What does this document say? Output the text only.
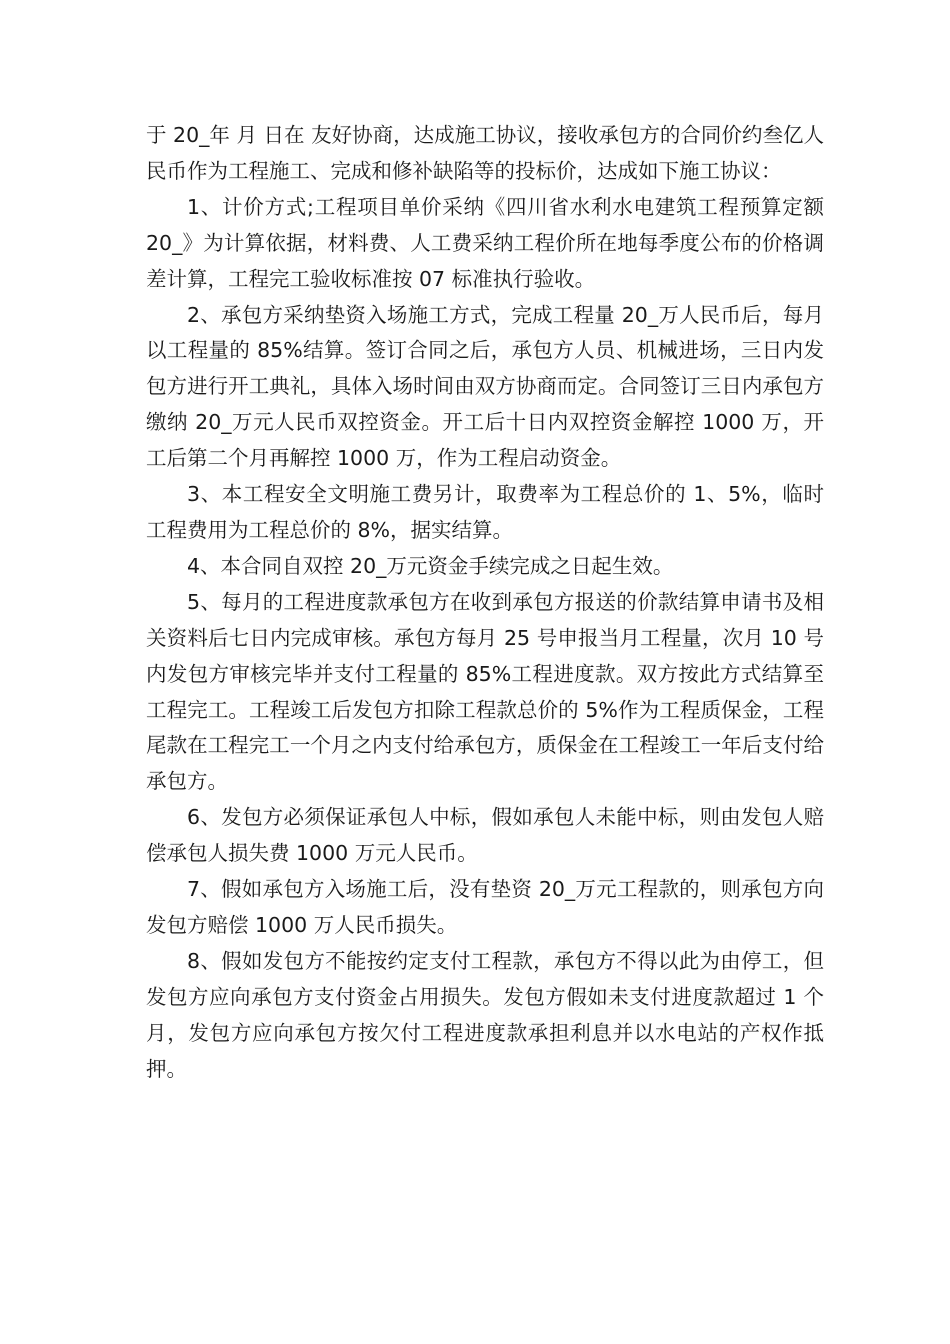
于 20_年 月 日在 友好协商，达成施工协议，接收承包方的合同价约叁亿人民币作为工程施工、完成和修补缺陷等的投标价，达成如下施工协议：

1、计价方式;工程项目单价采纳《四川省水利水电建筑工程预算定额 20_》为计算依据，材料费、人工费采纳工程价所在地每季度公布的价格调差计算，工程完工验收标准按 07 标准执行验收。

2、承包方采纳垫资入场施工方式，完成工程量 20_万人民币后，每月以工程量的 85%结算。签订合同之后，承包方人员、机械进场，三日内发包方进行开工典礼，具体入场时间由双方协商而定。合同签订三日内承包方缴纳 20_万元人民币双控资金。开工后十日内双控资金解控 1000 万，开工后第二个月再解控 1000 万，作为工程启动资金。

3、本工程安全文明施工费另计，取费率为工程总价的 1、5%，临时工程费用为工程总价的 8%，据实结算。

4、本合同自双控 20_万元资金手续完成之日起生效。

5、每月的工程进度款承包方在收到承包方报送的价款结算申请书及相关资料后七日内完成审核。承包方每月 25 号申报当月工程量，次月 10 号内发包方审核完毕并支付工程量的 85%工程进度款。双方按此方式结算至工程完工。工程竣工后发包方扣除工程款总价的 5%作为工程质保金，工程尾款在工程完工一个月之内支付给承包方，质保金在工程竣工一年后支付给承包方。

6、发包方必须保证承包人中标，假如承包人未能中标，则由发包人赔偿承包人损失费 1000 万元人民币。

7、假如承包方入场施工后，没有垫资 20_万元工程款的，则承包方向发包方赔偿 1000 万人民币损失。

8、假如发包方不能按约定支付工程款，承包方不得以此为由停工，但发包方应向承包方支付资金占用损失。发包方假如未支付进度款超过 1 个月，发包方应向承包方按欠付工程进度款承担利息并以水电站的产权作抵押。
